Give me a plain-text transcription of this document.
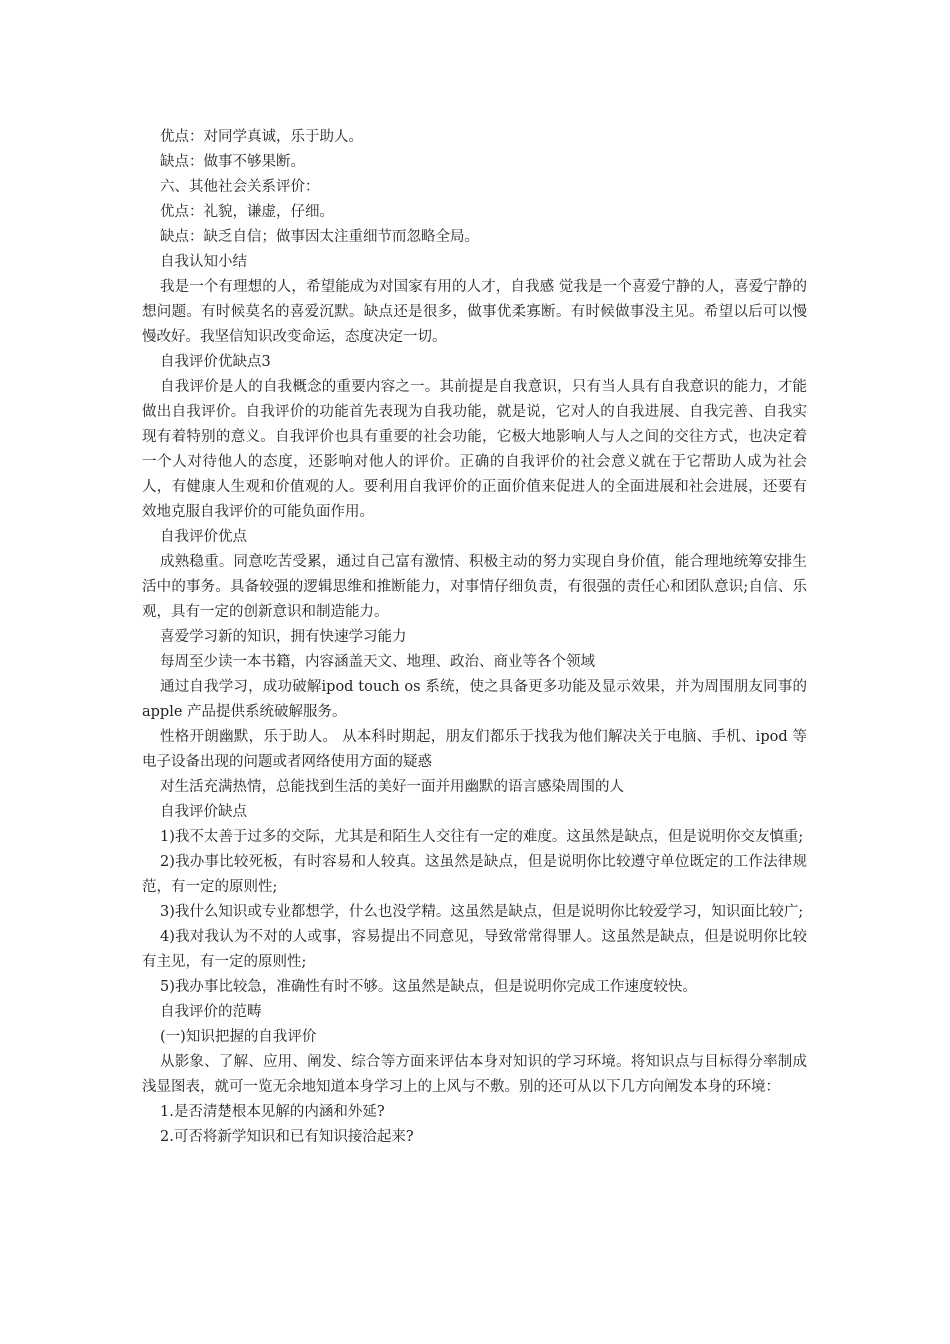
优点：对同学真诚，乐于助人。

缺点：做事不够果断。

六、其他社会关系评价：

优点：礼貌，谦虚，仔细。

缺点：缺乏自信；做事因太注重细节而忽略全局。

自我认知小结

我是一个有理想的人，希望能成为对国家有用的人才，自我感 觉我是一个喜爱宁静的人，喜爱宁静的想问题。有时候莫名的喜爱沉默。缺点还是很多，做事优柔寡断。有时候做事没主见。希望以后可以慢慢改好。我坚信知识改变命运，态度决定一切。

自我评价优缺点3

自我评价是人的自我概念的重要内容之一。其前提是自我意识，只有当人具有自我意识的能力，才能做出自我评价。自我评价的功能首先表现为自我功能，就是说，它对人的自我进展、自我完善、自我实现有着特别的意义。自我评价也具有重要的社会功能，它极大地影响人与人之间的交往方式，也决定着一个人对待他人的态度，还影响对他人的评价。正确的自我评价的社会意义就在于它帮助人成为社会人，有健康人生观和价值观的人。要利用自我评价的正面价值来促进人的全面进展和社会进展，还要有效地克服自我评价的可能负面作用。

自我评价优点

成熟稳重。同意吃苦受累，通过自己富有激情、积极主动的努力实现自身价值，能合理地统筹安排生活中的事务。具备较强的逻辑思维和推断能力，对事情仔细负责，有很强的责任心和团队意识;自信、乐观，具有一定的创新意识和制造能力。

喜爱学习新的知识，拥有快速学习能力

每周至少读一本书籍，内容涵盖天文、地理、政治、商业等各个领域

通过自我学习，成功破解ipod touch os 系统，使之具备更多功能及显示效果，并为周围朋友同事的apple 产品提供系统破解服务。

性格开朗幽默，乐于助人。 从本科时期起，朋友们都乐于找我为他们解决关于电脑、手机、ipod 等电子设备出现的问题或者网络使用方面的疑惑

对生活充满热情，总能找到生活的美好一面并用幽默的语言感染周围的人

自我评价缺点

1)我不太善于过多的交际，尤其是和陌生人交往有一定的难度。这虽然是缺点，但是说明你交友慎重;

2)我办事比较死板，有时容易和人较真。这虽然是缺点，但是说明你比较遵守单位既定的工作法律规范，有一定的原则性;

3)我什么知识或专业都想学，什么也没学精。这虽然是缺点，但是说明你比较爱学习，知识面比较广;

4)我对我认为不对的人或事，容易提出不同意见，导致常常得罪人。这虽然是缺点，但是说明你比较有主见，有一定的原则性;

5)我办事比较急，准确性有时不够。这虽然是缺点，但是说明你完成工作速度较快。

自我评价的范畴

(一)知识把握的自我评价

从影象、了解、应用、阐发、综合等方面来评估本身对知识的学习环境。将知识点与目标得分率制成浅显图表，就可一览无余地知道本身学习上的上风与不敷。别的还可从以下几方向阐发本身的环境：

1.是否清楚根本见解的内涵和外延?

2.可否将新学知识和已有知识接洽起来?
